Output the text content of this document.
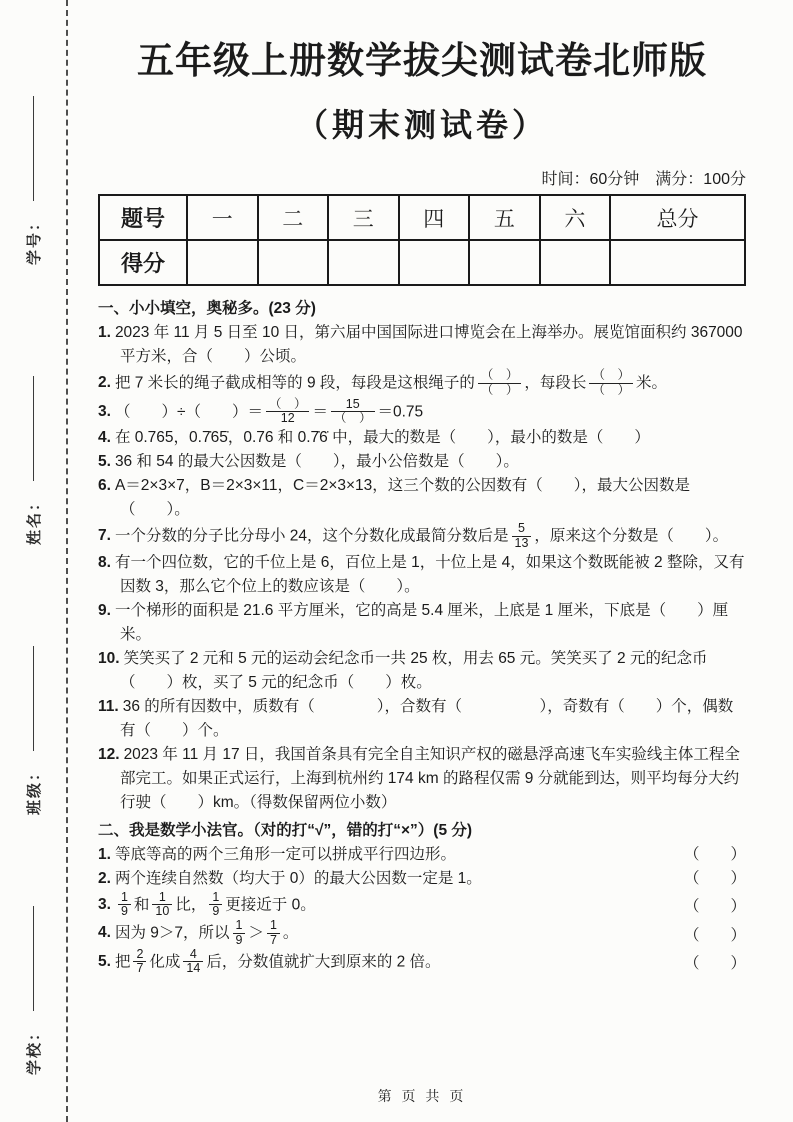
学号：
姓名：
班级：
学校：
五年级上册数学拔尖测试卷北师版
（期末测试卷）
时间：60分钟　满分：100分
题号	一	二	三	四	五	六	总分
得分							
一、小小填空，奥秘多。(23 分)
1. 2023 年 11 月 5 日至 10 日，第六届中国国际进口博览会在上海举办。展览馆面积约 367000 平方米，合（　　）公顷。
2. 把 7 米长的绳子截成相等的 9 段，每段是这根绳子的 $\frac{( )}{( )}$ ，每段长 $\frac{( )}{( )}$ 米。
3. （　　）÷（　　）＝ $\frac{( )}{12} = \frac{15}{( )} =0.75$
4. 在 0.765，0.7̇65̇，0.76 和 0.7̇6̇ 中，最大的数是（　　），最小的数是（　　）
5. 36 和 54 的最大公因数是（　　），最小公倍数是（　　）。
6. A＝2×3×7，B＝2×3×11，C＝2×3×13，这三个数的公因数有（　　），最大公因数是（　　）。
7. 一个分数的分子比分母小 24，这个分数化成最简分数后是 $\frac{5}{13}$ ，原来这个分数是（　　）。
8. 有一个四位数，它的千位上是 6，百位上是 1，十位上是 4，如果这个数既能被 2 整除，又有因数 3，那么它个位上的数应该是（　　）。
9. 一个梯形的面积是 21.6 平方厘米，它的高是 5.4 厘米，上底是 1 厘米，下底是（　　）厘米。
10. 笑笑买了 2 元和 5 元的运动会纪念币一共 25 枚，用去 65 元。笑笑买了 2 元的纪念币（　　）枚，买了 5 元的纪念币（　　）枚。
11. 36 的所有因数中，质数有（　　　　），合数有（　　　　　），奇数有（　　）个，偶数有（　　）个。
12. 2023 年 11 月 17 日，我国首条具有完全自主知识产权的磁悬浮高速飞车实验线主体工程全部完工。如果正式运行，上海到杭州约 174 km 的路程仅需 9 分就能到达，则平均每分大约行驶（　　）km。（得数保留两位小数）
二、我是数学小法官。（对的打“√”，错的打“×”）(5 分)
1. 等底等高的两个三角形一定可以拼成平行四边形。	（　　）
2. 两个连续自然数（均大于 0）的最大公因数一定是 1。	（　　）
3. $\frac{1}{9}$ 和 $\frac{1}{10}$ 比， $\frac{1}{9}$ 更接近于 0。	（　　）
4. 因为 9＞7，所以 $\frac{1}{9} > \frac{1}{7}$ 。	（　　）
5. 把 $\frac{2}{7}$ 化成 $\frac{4}{14}$ 后，分数值就扩大到原来的 2 倍。	（　　）
第 页 共 页
